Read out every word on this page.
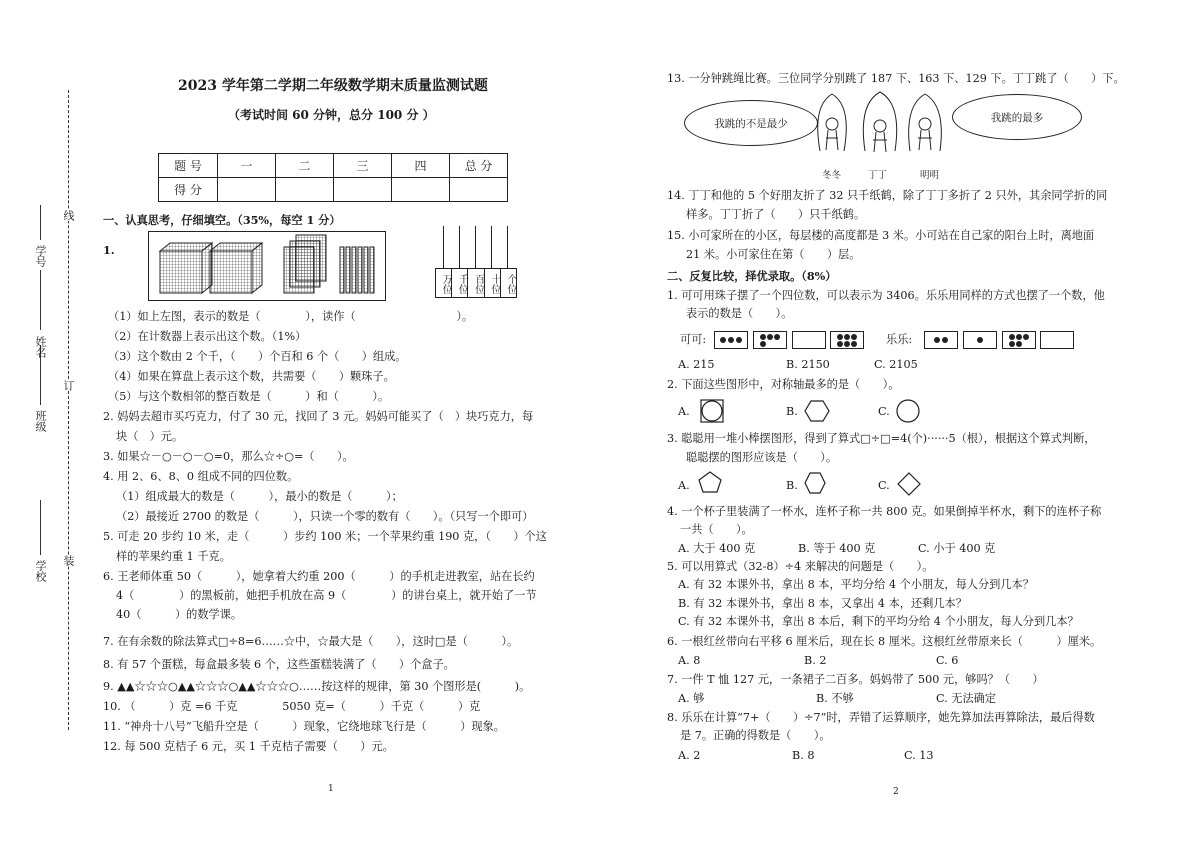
学校
班级
姓名
学号
装
订
线
2023 学年第二学期二年级数学期末质量监测试题
（考试时间 60 分钟，总分 100 分 ）
题 号	一	二	三	四	总 分
得 分					
一、认真思考，仔细填空。（35%，每空 1 分）
1.
万位 千位 百位 十位 个位
（1）如上左图，表示的数是（　　　　），读作（　　　　　　　　　）。
（2）在计数器上表示出这个数。（1%）
（3）这个数由 2 个千，（　　）个百和 6 个（　　）组成。
（4）如果在算盘上表示这个数，共需要（　　）颗珠子。
（5）与这个数相邻的整百数是（　　　）和（　　　）。
2. 妈妈去超市买巧克力，付了 30 元，找回了 3 元。妈妈可能买了（　）块巧克力，每
块（　）元。
3. 如果☆－○－○－○=0，那么☆÷○=（　　）。
4. 用 2、6、8、0 组成不同的四位数。
（1）组成最大的数是（　　　），最小的数是（　　　）；
（2）最接近 2700 的数是（　　　），只读一个零的数有（　　）。（只写一个即可）
5. 可走 20 步约 10 米，走（　　　）步约 100 米；一个苹果约重 190 克，（　　）个这
样的苹果约重 1 千克。
6. 王老师体重 50（　　　），她拿着大约重 200（　　　）的手机走进教室，站在长约
4（　　　　）的黑板前，她把手机放在高 9（　　　　）的讲台桌上，就开始了一节
40（　　　）的数学课。
7. 在有余数的除法算式□÷8=6……☆中，☆最大是（　　），这时□是（　　　）。
8. 有 57 个蛋糕，每盒最多装 6 个，这些蛋糕装满了（　　）个盒子。
9. ▲▲☆☆☆○▲▲☆☆☆○▲▲☆☆☆○……按这样的规律，第 30 个图形是(　　　)。
10. （　　　）克 =6 千克　　　　5050 克=（　　　）千克（　　　）克
11. “神舟十八号”飞船升空是（　　　）现象，它绕地球飞行是（　　　）现象。
12. 每 500 克桔子 6 元，买 1 千克桔子需要（　　）元。
1
13. 一分钟跳绳比赛。三位同学分别跳了 187 下、163 下、129 下。丁丁跳了（　　）下。
我跳的不是最少	我跳的最多
冬冬	丁丁	明明
14. 丁丁和他的 5 个好朋友折了 32 只千纸鹤，除了丁丁多折了 2 只外，其余同学折的同
样多。丁丁折了（　　）只千纸鹤。
15. 小可家所在的小区，每层楼的高度都是 3 米。小可站在自己家的阳台上时，离地面
21 米。小可家住在第（　　）层。
二、反复比较，择优录取。（8%）
1. 可可用珠子摆了一个四位数，可以表示为 3406。乐乐用同样的方式也摆了一个数，他
表示的数是（　　）。
可可:	乐乐:
A. 215	B. 2150	C. 2105
2. 下面这些图形中，对称轴最多的是（　　）。
A.	B.	C.
3. 聪聪用一堆小棒摆图形，得到了算式□÷□=4(个)······5（根），根据这个算式判断，
聪聪摆的图形应该是（　　）。
A.	B.	C.
4. 一个杯子里装满了一杯水，连杯子称一共 800 克。如果倒掉半杯水，剩下的连杯子称
一共（　　）。
A. 大于 400 克	B. 等于 400 克	C. 小于 400 克
5. 可以用算式（32-8）÷4 来解决的问题是（　　）。
A. 有 32 本课外书，拿出 8 本，平均分给 4 个小朋友，每人分到几本？
B. 有 32 本课外书，拿出 8 本，又拿出 4 本，还剩几本？
C. 有 32 本课外书，拿出 8 本后，剩下的平均分给 4 个小朋友，每人分到几本？
6. 一根红丝带向右平移 6 厘米后，现在长 8 厘米。这根红丝带原来长（　　　）厘米。
A. 8	B. 2	C. 6
7. 一件 T 恤 127 元，一条裙子二百多。妈妈带了 500 元，够吗？（　　）
A. 够	B. 不够	C. 无法确定
8. 乐乐在计算“7+（　　）÷7”时，弄错了运算顺序，她先算加法再算除法，最后得数
是 7。正确的得数是（　　）。
A. 2	B. 8	C. 13
2
